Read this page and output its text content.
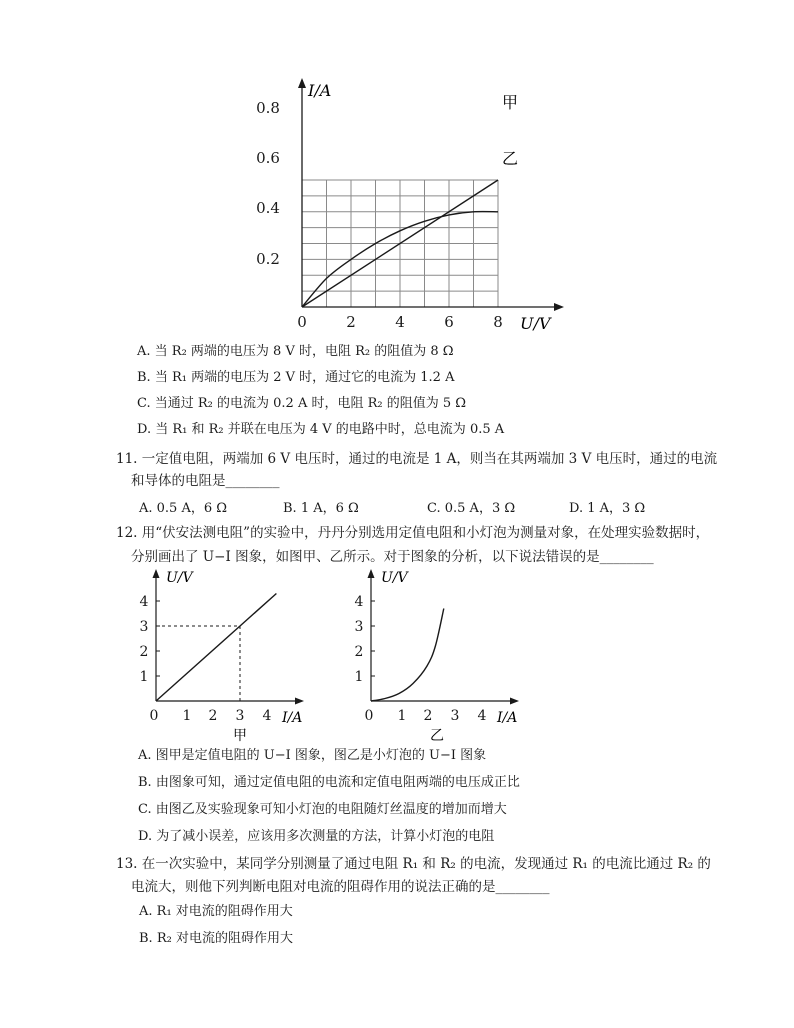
I/A
U/V
甲
乙
0.2
0.4
0.6
0.8
0	2	4	6	8
A. 当 R₂ 两端的电压为 8 V 时，电阻 R₂ 的阻值为 8 Ω
B. 当 R₁ 两端的电压为 2 V 时，通过它的电流为 1.2 A
C. 当通过 R₂ 的电流为 0.2 A 时，电阻 R₂ 的阻值为 5 Ω
D. 当 R₁ 和 R₂ 并联在电压为 4 V 的电路中时，总电流为 0.5 A
11. 一定值电阻，两端加 6 V 电压时，通过的电流是 1 A，则当在其两端加 3 V 电压时，通过的电流
和导体的电阻是________
A. 0.5 A，6 Ω	B. 1 A，6 Ω	C. 0.5 A，3 Ω	D. 1 A，3 Ω
12. 用“伏安法测电阻”的实验中，丹丹分别选用定值电阻和小灯泡为测量对象，在处理实验数据时，
分别画出了 U−I 图象，如图甲、乙所示。对于图象的分析，以下说法错误的是________
U/V
I/A
1
2
3
4
0 1 2 3 4
甲
U/V
I/A
1
2
3
4
0 1 2 3 4
乙
A. 图甲是定值电阻的 U−I 图象，图乙是小灯泡的 U−I 图象
B. 由图象可知，通过定值电阻的电流和定值电阻两端的电压成正比
C. 由图乙及实验现象可知小灯泡的电阻随灯丝温度的增加而增大
D. 为了减小误差，应该用多次测量的方法，计算小灯泡的电阻
13. 在一次实验中，某同学分别测量了通过电阻 R₁ 和 R₂ 的电流，发现通过 R₁ 的电流比通过 R₂ 的
电流大，则他下列判断电阻对电流的阻碍作用的说法正确的是________
A. R₁ 对电流的阻碍作用大
B. R₂ 对电流的阻碍作用大
